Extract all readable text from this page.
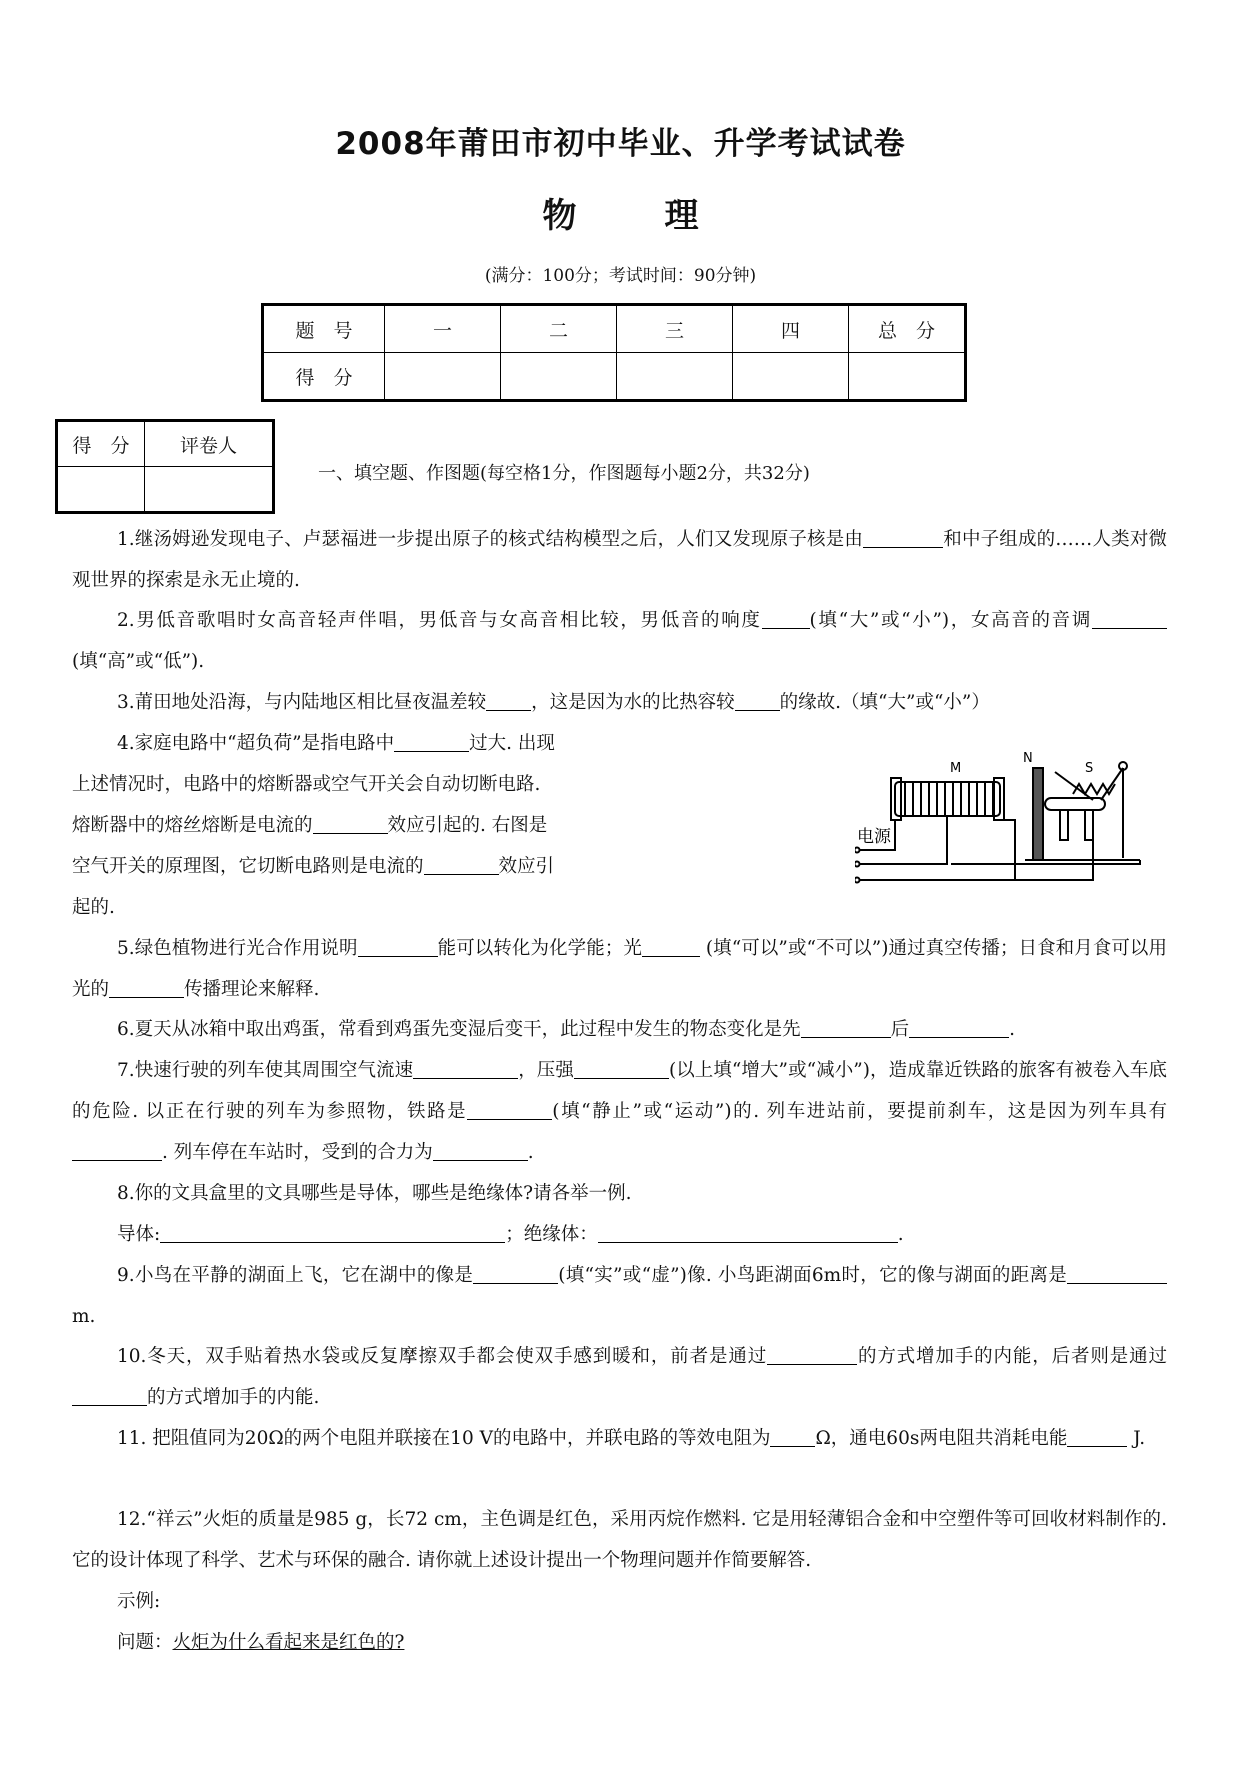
2008年莆田市初中毕业、升学考试试卷
物理
(满分：100分；考试时间：90分钟)
题　号	一	二	三	四	总　分
得　分					
得　分	评卷人

一、填空题、作图题(每空格1分，作图题每小题2分，共32分)

1.继汤姆逊发现电子、卢瑟福进一步提出原子的核式结构模型之后，人们又发现原子核是由	和中子组成的……人类对微观世界的探索是永无止境的.

2.男低音歌唱时女高音轻声伴唱，男低音与女高音相比较，男低音的响度	(填“大”或“小”)，女高音的音调(填“高”或“低”).

3.莆田地处沿海，与内陆地区相比昼夜温差较 ，这是因为水的比热容较 的缘故.（填“大”或“小”）

4.家庭电路中“超负荷”是指电路中	过大. 出现

上述情况时，电路中的熔断器或空气开关会自动切断电路.

熔断器中的熔丝熔断是电流的	效应引起的. 右图是

空气开关的原理图，它切断电路则是电流的	效应引

起的.

M
N
S
电源

5.绿色植物进行光合作用说明	能可以转化为化学能；光	(填“可以”或“不可以”)通过真空传播；日食和月食可以用光的	传播理论来解释.

6.夏天从冰箱中取出鸡蛋，常看到鸡蛋先变湿后变干，此过程中发生的物态变化是先	后	.

7.快速行驶的列车使其周围空气流速	，压强	(以上填“增大”或“减小”)，造成靠近铁路的旅客有被卷入车底的危险. 以正在行驶的列车为参照物，铁路是	(填“静止”或“运动”)的. 列车进站前，要提前刹车，这是因为列车具有. 列车停在车站时，受到的合力为	.

8.你的文具盒里的文具哪些是导体，哪些是绝缘体?请各举一例.

导体:	；绝缘体：	.

9.小鸟在平静的湖面上飞，它在湖中的像是	(填“实”或“虚”)像. 小鸟距湖面6m时，它的像与湖面的距离是m.

10.冬天，双手贴着热水袋或反复摩擦双手都会使双手感到暖和，前者是通过	的方式增加手的内能，后者则是通过的方式增加手的内能.

11. 把阻值同为20Ω的两个电阻并联接在10 V的电路中，并联电路的等效电阻为 Ω，通电60s两电阻共消耗电能	J.

12.“祥云”火炬的质量是985 g，长72 cm，主色调是红色，采用丙烷作燃料. 它是用轻薄铝合金和中空塑件等可回收材料制作的. 它的设计体现了科学、艺术与环保的融合. 请你就上述设计提出一个物理问题并作简要解答.

示例:

问题：火炬为什么看起来是红色的?
